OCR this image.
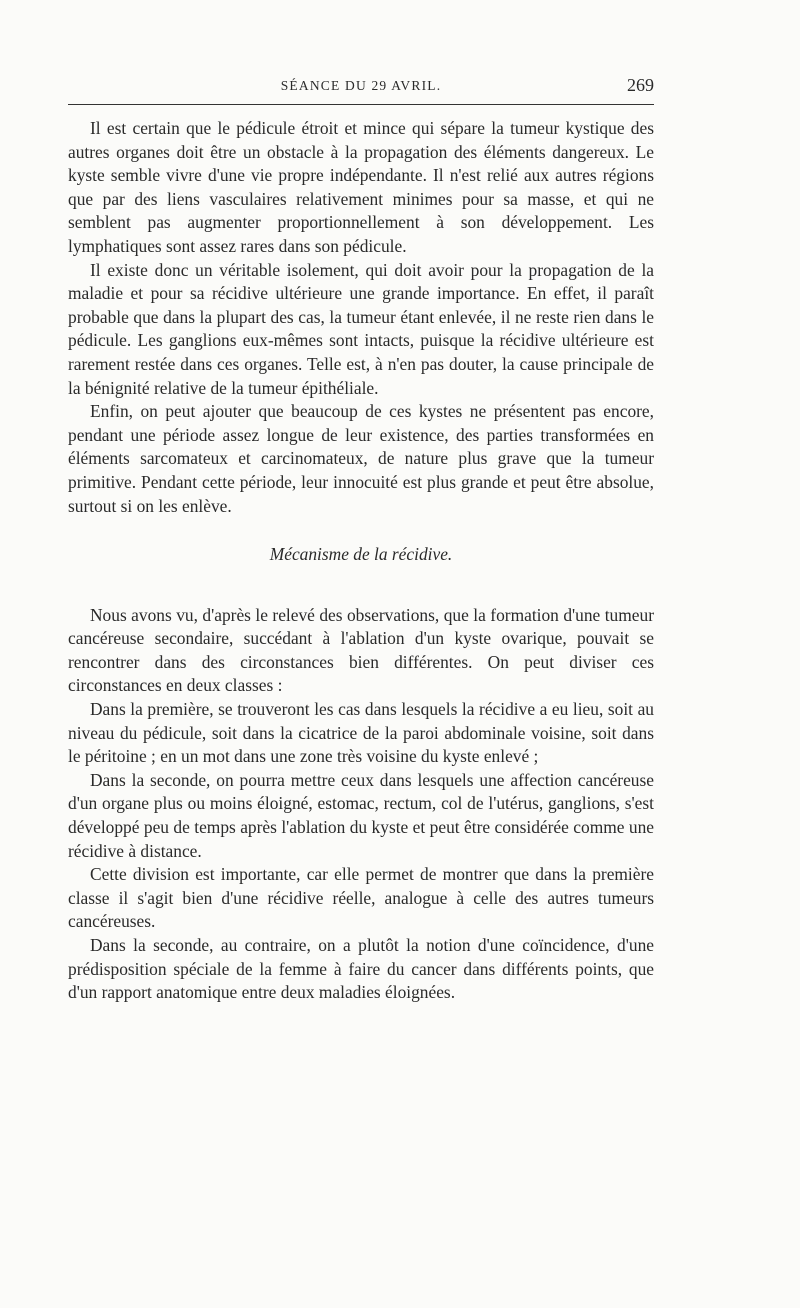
SÉANCE DU 29 AVRIL.	269

Il est certain que le pédicule étroit et mince qui sépare la tumeur kystique des autres organes doit être un obstacle à la propagation des éléments dangereux. Le kyste semble vivre d'une vie propre indépendante. Il n'est relié aux autres régions que par des liens vasculaires relativement minimes pour sa masse, et qui ne semblent pas augmenter proportionnellement à son développement. Les lymphatiques sont assez rares dans son pédicule.

Il existe donc un véritable isolement, qui doit avoir pour la propagation de la maladie et pour sa récidive ultérieure une grande importance. En effet, il paraît probable que dans la plupart des cas, la tumeur étant enlevée, il ne reste rien dans le pédicule. Les ganglions eux-mêmes sont intacts, puisque la récidive ultérieure est rarement restée dans ces organes. Telle est, à n'en pas douter, la cause principale de la bénignité relative de la tumeur épithéliale.

Enfin, on peut ajouter que beaucoup de ces kystes ne présentent pas encore, pendant une période assez longue de leur existence, des parties transformées en éléments sarcomateux et carcinomateux, de nature plus grave que la tumeur primitive. Pendant cette période, leur innocuité est plus grande et peut être absolue, surtout si on les enlève.

Mécanisme de la récidive.

Nous avons vu, d'après le relevé des observations, que la formation d'une tumeur cancéreuse secondaire, succédant à l'ablation d'un kyste ovarique, pouvait se rencontrer dans des circonstances bien différentes. On peut diviser ces circonstances en deux classes :

Dans la première, se trouveront les cas dans lesquels la récidive a eu lieu, soit au niveau du pédicule, soit dans la cicatrice de la paroi abdominale voisine, soit dans le péritoine ; en un mot dans une zone très voisine du kyste enlevé ;

Dans la seconde, on pourra mettre ceux dans lesquels une affection cancéreuse d'un organe plus ou moins éloigné, estomac, rectum, col de l'utérus, ganglions, s'est développé peu de temps après l'ablation du kyste et peut être considérée comme une récidive à distance.

Cette division est importante, car elle permet de montrer que dans la première classe il s'agit bien d'une récidive réelle, analogue à celle des autres tumeurs cancéreuses.

Dans la seconde, au contraire, on a plutôt la notion d'une coïncidence, d'une prédisposition spéciale de la femme à faire du cancer dans différents points, que d'un rapport anatomique entre deux maladies éloignées.
